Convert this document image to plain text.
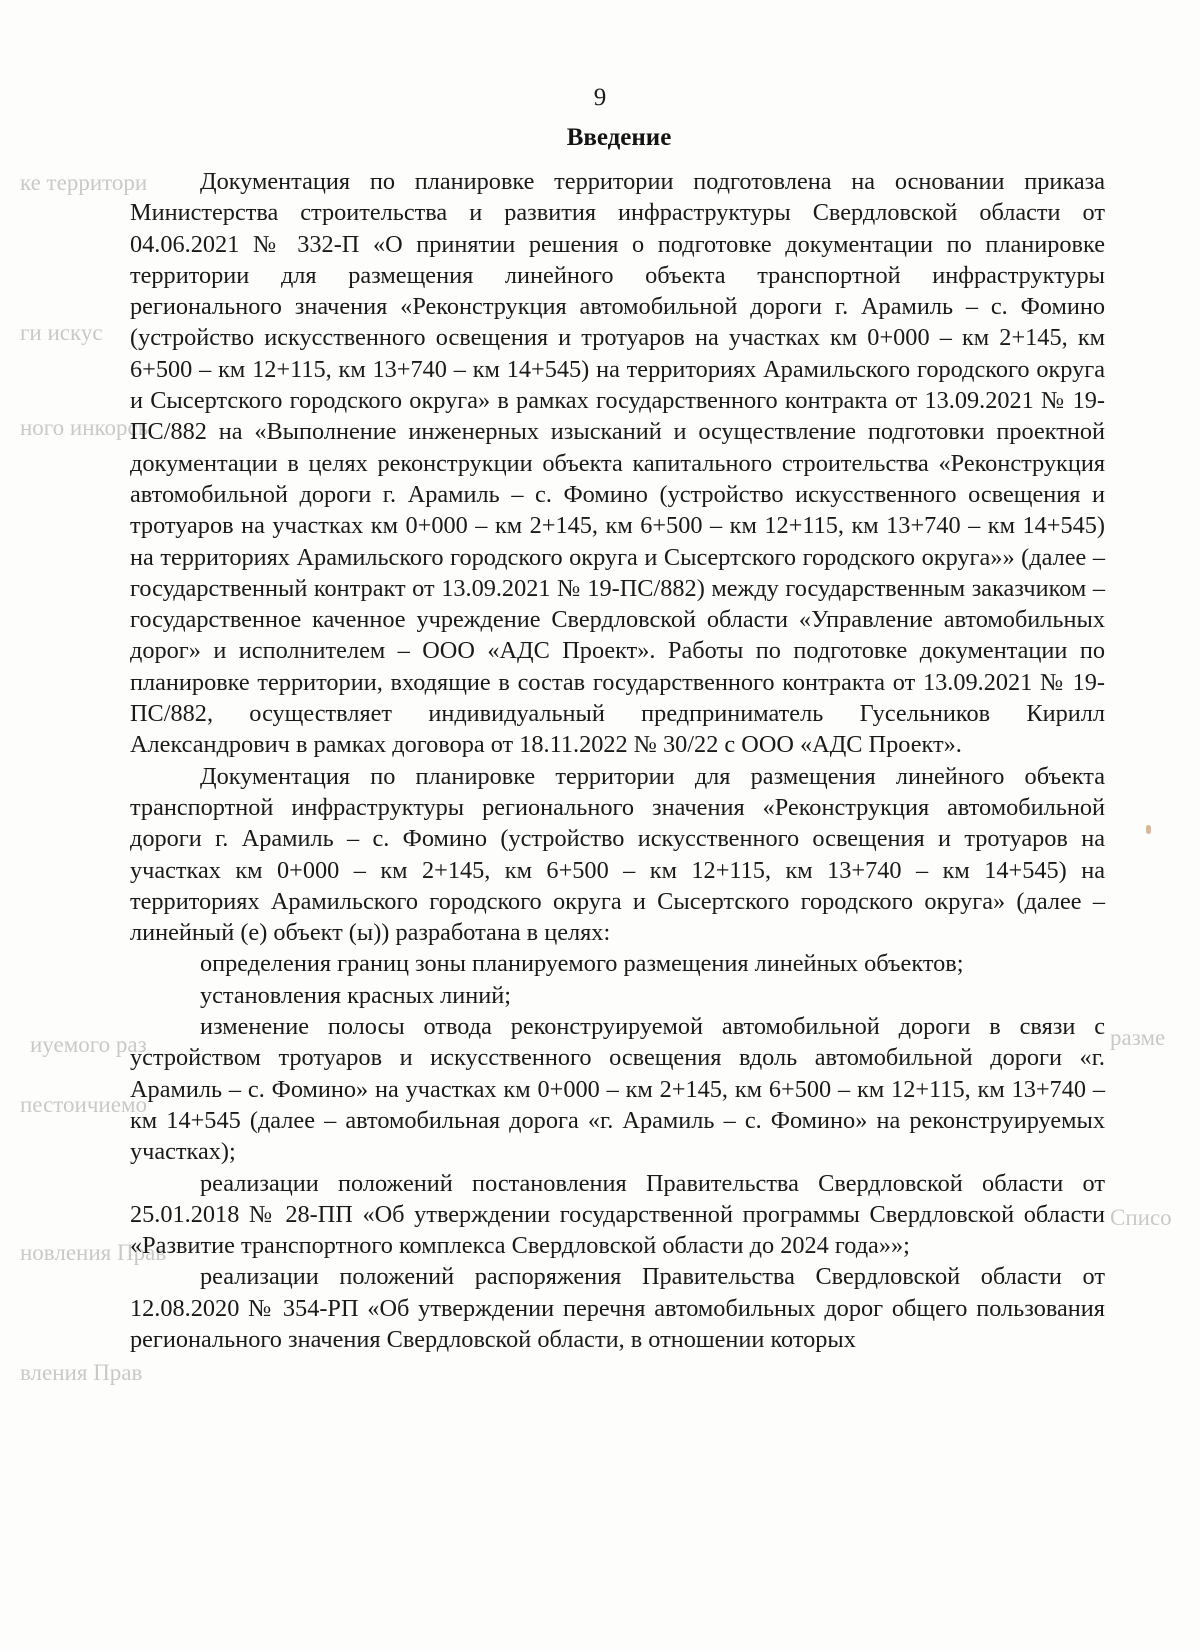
ке территори
ги искус
ного инкорсь
иуемого раз
пестоичиемо
новления Прав
вления Прав
разме
Списо
9
Введение

Документация по планировке территории подготовлена на основании приказа Министерства строительства и развития инфраструктуры Свердловской области от 04.06.2021 № 332-П «О принятии решения о подготовке документации по планировке территории для размещения линейного объекта транспортной инфраструктуры регионального значения «Реконструкция автомобильной дороги г. Арамиль – с. Фомино (устройство искусственного освещения и тротуаров на участках км 0+000 – км 2+145, км 6+500 – км 12+115, км 13+740 – км 14+545) на территориях Арамильского городского округа и Сысертского городского округа» в рамках государственного контракта от 13.09.2021 № 19-ПС/882 на «Выполнение инженерных изысканий и осуществление подготовки проектной документации в целях реконструкции объекта капитального строительства «Реконструкция автомобильной дороги г. Арамиль – с. Фомино (устройство искусственного освещения и тротуаров на участках км 0+000 – км 2+145, км 6+500 – км 12+115, км 13+740 – км 14+545) на территориях Арамильского городского округа и Сысертского городского округа»» (далее – государственный контракт от 13.09.2021 № 19-ПС/882) между государственным заказчиком – государственное каченное учреждение Свердловской области «Управление автомобильных дорог» и исполнителем – ООО «АДС Проект». Работы по подготовке документации по планировке территории, входящие в состав государственного контракта от 13.09.2021 № 19-ПС/882, осуществляет индивидуальный предприниматель Гусельников Кирилл Александрович в рамках договора от 18.11.2022 № 30/22 с ООО «АДС Проект».

Документация по планировке территории для размещения линейного объекта транспортной инфраструктуры регионального значения «Реконструкция автомобильной дороги г. Арамиль – с. Фомино (устройство искусственного освещения и тротуаров на участках км 0+000 – км 2+145, км 6+500 – км 12+115, км 13+740 – км 14+545) на территориях Арамильского городского округа и Сысертского городского округа» (далее – линейный (е) объект (ы)) разработана в целях:

определения границ зоны планируемого размещения линейных объектов;

установления красных линий;

изменение полосы отвода реконструируемой автомобильной дороги в связи с устройством тротуаров и искусственного освещения вдоль автомобильной дороги «г. Арамиль – с. Фомино» на участках км 0+000 – км 2+145, км 6+500 – км 12+115, км 13+740 – км 14+545 (далее – автомобильная дорога «г. Арамиль – с. Фомино» на реконструируемых участках);

реализации положений постановления Правительства Свердловской области от 25.01.2018 № 28-ПП «Об утверждении государственной программы Свердловской области «Развитие транспортного комплекса Свердловской области до 2024 года»»;

реализации положений распоряжения Правительства Свердловской области от 12.08.2020 № 354-РП «Об утверждении перечня автомобильных дорог общего пользования регионального значения Свердловской области, в отношении которых
